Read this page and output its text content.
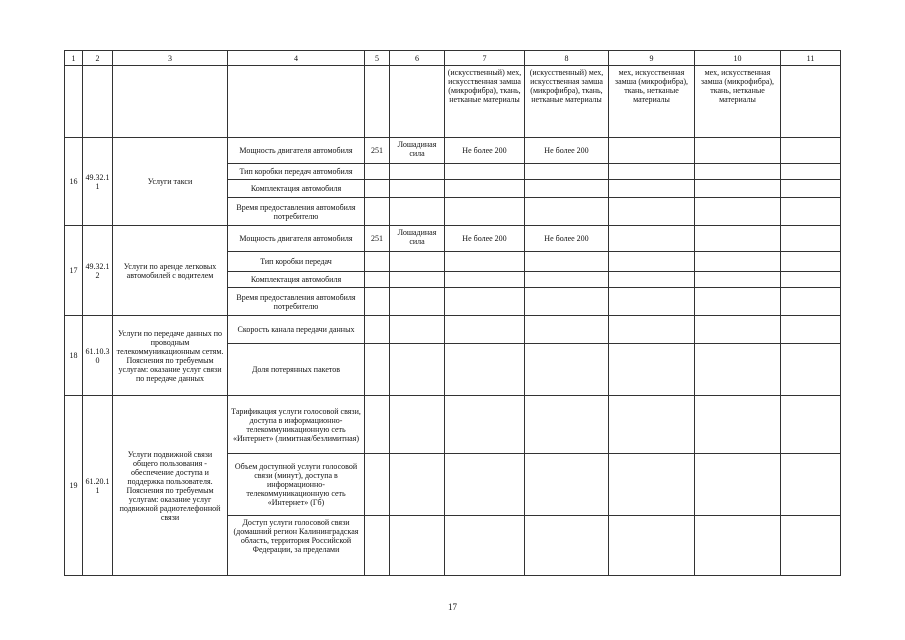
1	2	3	4	5	6	7	8	9	10	11
						(искусственный) мех, искусственная замша (микрофибра), ткань, нетканые материалы	(искусственный) мех, искусственная замша (микрофибра), ткань, нетканые материалы	мех, искусственная замша (микрофибра), ткань, нетканые материалы	мех, искусственная замша (микрофибра), ткань, нетканые материалы	
16	49.32.11	Услуги такси	Мощность двигателя автомобиля	251	Лошадиная сила	Не более 200	Не более 200			
			Тип коробки передач автомобиля							
			Комплектация автомобиля							
			Время предоставления автомобиля потребителю							
17	49.32.12	Услуги по аренде легковых автомобилей с водителем	Мощность двигателя автомобиля	251	Лошадиная сила	Не более 200	Не более 200			
			Тип коробки передач							
			Комплектация автомобиля							
			Время предоставления автомобиля потребителю							
18	61.10.30	Услуги по передаче данных по проводным телекоммуникационным сетям. Пояснения по требуемым услугам: оказание услуг связи по передаче данных	Скорость канала передачи данных							
			Доля потерянных пакетов							
19	61.20.11	Услуги подвижной связи общего пользования - обеспечение доступа и поддержка пользователя. Пояснения по требуемым услугам: оказание услуг подвижной радиотелефонной связи	Тарификация услуги голосовой связи, доступа в информационно-телекоммуникационную сеть «Интернет» (лимитная/безлимитная)							
			Объем доступной услуги голосовой связи (минут), доступа в информационно-телекоммуникационную сеть «Интернет» (Гб)							
			Доступ услуги голосовой связи (домашний регион Калининградская область, территория Российской Федерации, за пределами							
17
